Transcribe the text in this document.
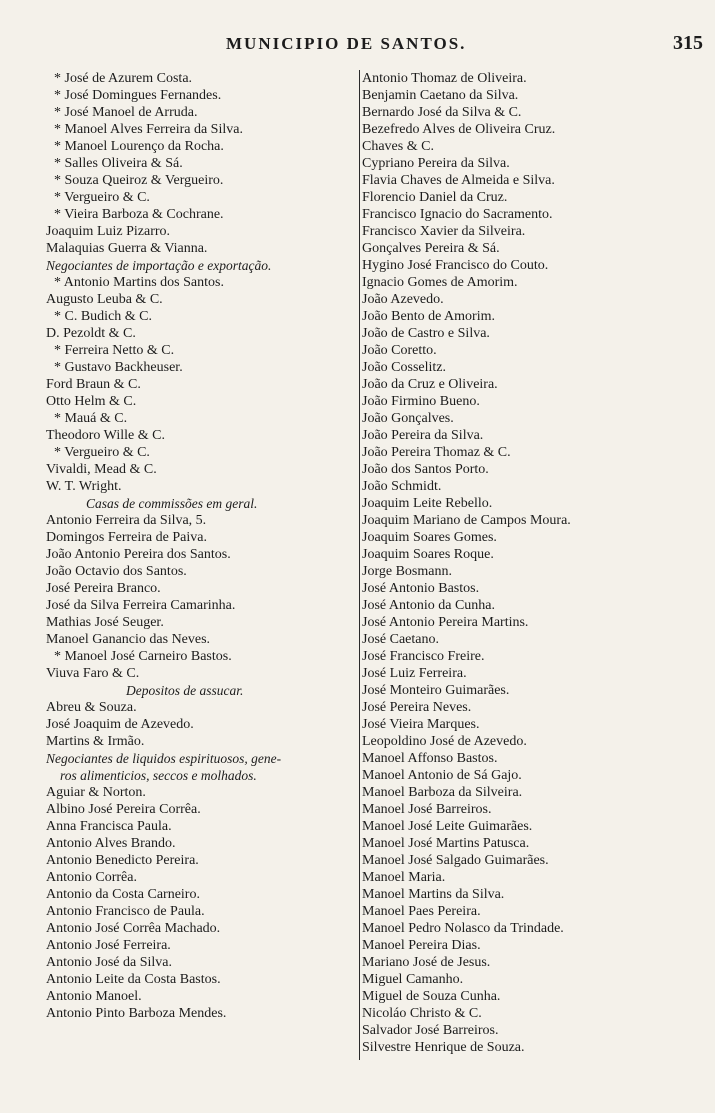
MUNICIPIO DE SANTOS.	315
* José de Azurem Costa.
* José Domingues Fernandes.
* José Manoel de Arruda.
* Manoel Alves Ferreira da Silva.
* Manoel Lourenço da Rocha.
* Salles Oliveira & Sá.
* Souza Queiroz & Vergueiro.
* Vergueiro & C.
* Vieira Barboza & Cochrane.
Joaquim Luiz Pizarro.
Malaquias Guerra & Vianna.
Negociantes de importação e exportação.
* Antonio Martins dos Santos.
Augusto Leuba & C.
* C. Budich & C.
D. Pezoldt & C.
* Ferreira Netto & C.
* Gustavo Backheuser.
Ford Braun & C.
Otto Helm & C.
* Mauá & C.
Theodoro Wille & C.
* Vergueiro & C.
Vivaldi, Mead & C.
W. T. Wright.
Casas de commissões em geral.
Antonio Ferreira da Silva, 5.
Domingos Ferreira de Paiva.
João Antonio Pereira dos Santos.
João Octavio dos Santos.
José Pereira Branco.
José da Silva Ferreira Camarinha.
Mathias José Seuger.
Manoel Ganancio das Neves.
* Manoel José Carneiro Bastos.
Viuva Faro & C.
Depositos de assucar.
Abreu & Souza.
José Joaquim de Azevedo.
Martins & Irmão.
Negociantes de liquidos espirituosos, gene-
ros alimenticios, seccos e molhados.
Aguiar & Norton.
Albino José Pereira Corrêa.
Anna Francisca Paula.
Antonio Alves Brando.
Antonio Benedicto Pereira.
Antonio Corrêa.
Antonio da Costa Carneiro.
Antonio Francisco de Paula.
Antonio José Corrêa Machado.
Antonio José Ferreira.
Antonio José da Silva.
Antonio Leite da Costa Bastos.
Antonio Manoel.
Antonio Pinto Barboza Mendes.
Antonio Thomaz de Oliveira.
Benjamin Caetano da Silva.
Bernardo José da Silva & C.
Bezefredo Alves de Oliveira Cruz.
Chaves & C.
Cypriano Pereira da Silva.
Flavia Chaves de Almeida e Silva.
Florencio Daniel da Cruz.
Francisco Ignacio do Sacramento.
Francisco Xavier da Silveira.
Gonçalves Pereira & Sá.
Hygino José Francisco do Couto.
Ignacio Gomes de Amorim.
João Azevedo.
João Bento de Amorim.
João de Castro e Silva.
João Coretto.
João Cosselitz.
João da Cruz e Oliveira.
João Firmino Bueno.
João Gonçalves.
João Pereira da Silva.
João Pereira Thomaz & C.
João dos Santos Porto.
João Schmidt.
Joaquim Leite Rebello.
Joaquim Mariano de Campos Moura.
Joaquim Soares Gomes.
Joaquim Soares Roque.
Jorge Bosmann.
José Antonio Bastos.
José Antonio da Cunha.
José Antonio Pereira Martins.
José Caetano.
José Francisco Freire.
José Luiz Ferreira.
José Monteiro Guimarães.
José Pereira Neves.
José Vieira Marques.
Leopoldino José de Azevedo.
Manoel Affonso Bastos.
Manoel Antonio de Sá Gajo.
Manoel Barboza da Silveira.
Manoel José Barreiros.
Manoel José Leite Guimarães.
Manoel José Martins Patusca.
Manoel José Salgado Guimarães.
Manoel Maria.
Manoel Martins da Silva.
Manoel Paes Pereira.
Manoel Pedro Nolasco da Trindade.
Manoel Pereira Dias.
Mariano José de Jesus.
Miguel Camanho.
Miguel de Souza Cunha.
Nicoláo Christo & C.
Salvador José Barreiros.
Silvestre Henrique de Souza.
